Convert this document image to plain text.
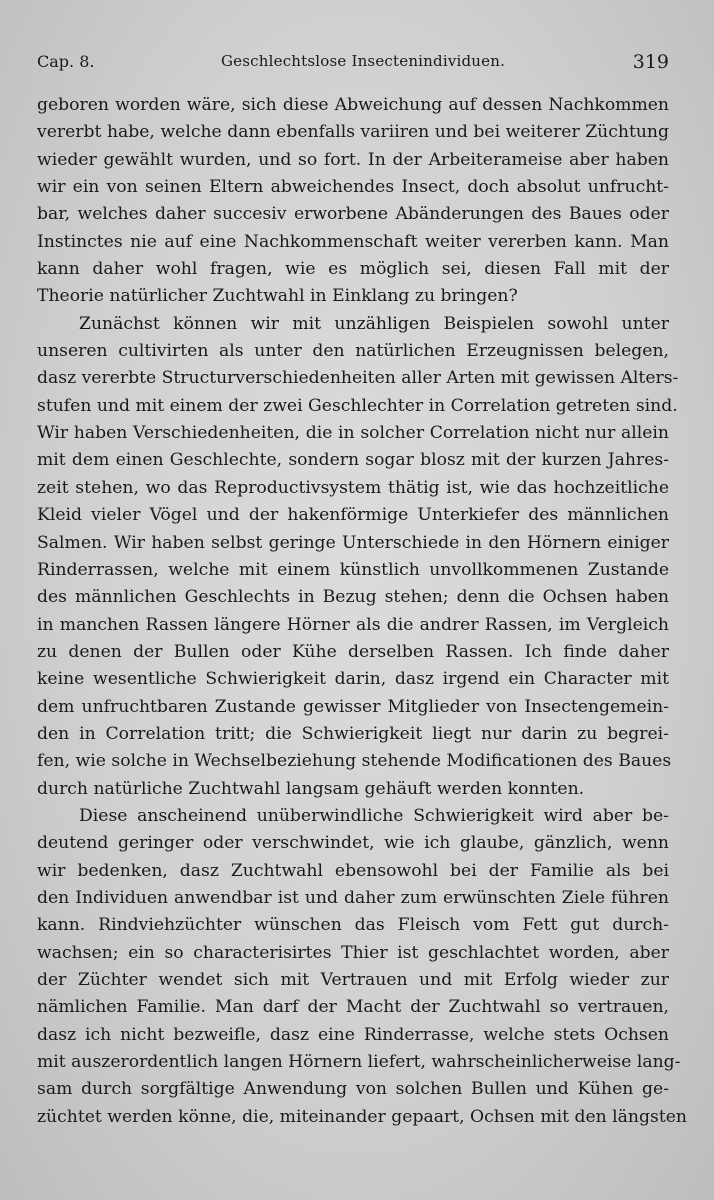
Cap. 8.	Geschlechtslose Insectenindividuen.	319
geboren worden wäre, sich diese Abweichung auf dessen Nachkommen
vererbt habe, welche dann ebenfalls variiren und bei weiterer Züchtung
wieder gewählt wurden, und so fort. In der Arbeiterameise aber haben
wir ein von seinen Eltern abweichendes Insect, doch absolut unfrucht-
bar, welches daher succesiv erworbene Abänderungen des Baues oder
Instinctes nie auf eine Nachkommenschaft weiter vererben kann. Man
kann daher wohl fragen, wie es möglich sei, diesen Fall mit der
Theorie natürlicher Zuchtwahl in Einklang zu bringen?
Zunächst können wir mit unzähligen Beispielen sowohl unter
unseren cultivirten als unter den natürlichen Erzeugnissen belegen,
dasz vererbte Structurverschiedenheiten aller Arten mit gewissen Alters-
stufen und mit einem der zwei Geschlechter in Correlation getreten sind.
Wir haben Verschiedenheiten, die in solcher Correlation nicht nur allein
mit dem einen Geschlechte, sondern sogar blosz mit der kurzen Jahres-
zeit stehen, wo das Reproductivsystem thätig ist, wie das hochzeitliche
Kleid vieler Vögel und der hakenförmige Unterkiefer des männlichen
Salmen. Wir haben selbst geringe Unterschiede in den Hörnern einiger
Rinderrassen, welche mit einem künstlich unvollkommenen Zustande
des männlichen Geschlechts in Bezug stehen; denn die Ochsen haben
in manchen Rassen längere Hörner als die andrer Rassen, im Vergleich
zu denen der Bullen oder Kühe derselben Rassen. Ich finde daher
keine wesentliche Schwierigkeit darin, dasz irgend ein Character mit
dem unfruchtbaren Zustande gewisser Mitglieder von Insectengemein-
den in Correlation tritt; die Schwierigkeit liegt nur darin zu begrei-
fen, wie solche in Wechselbeziehung stehende Modificationen des Baues
durch natürliche Zuchtwahl langsam gehäuft werden konnten.
Diese anscheinend unüberwindliche Schwierigkeit wird aber be-
deutend geringer oder verschwindet, wie ich glaube, gänzlich, wenn
wir bedenken, dasz Zuchtwahl ebensowohl bei der Familie als bei
den Individuen anwendbar ist und daher zum erwünschten Ziele führen
kann. Rindviehzüchter wünschen das Fleisch vom Fett gut durch-
wachsen; ein so characterisirtes Thier ist geschlachtet worden, aber
der Züchter wendet sich mit Vertrauen und mit Erfolg wieder zur
nämlichen Familie. Man darf der Macht der Zuchtwahl so vertrauen,
dasz ich nicht bezweifle, dasz eine Rinderrasse, welche stets Ochsen
mit auszerordentlich langen Hörnern liefert, wahrscheinlicherweise lang-
sam durch sorgfältige Anwendung von solchen Bullen und Kühen ge-
züchtet werden könne, die, miteinander gepaart, Ochsen mit den längsten
